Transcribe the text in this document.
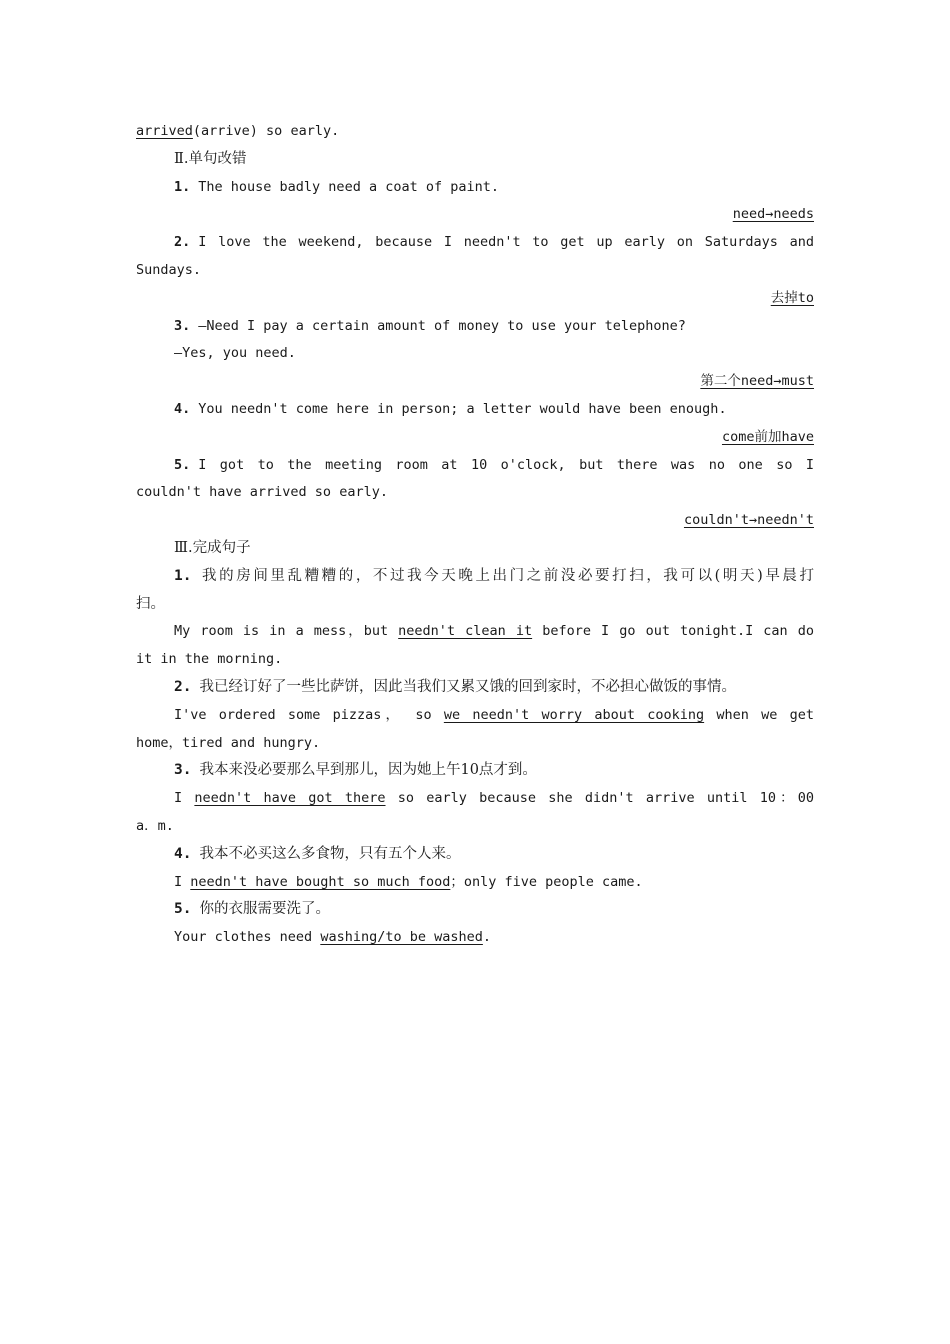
arrived(arrive) so early.
Ⅱ.单句改错
1. The house badly need a coat of paint.
need→needs
2. I love the weekend, because I needn't to get up early on Saturdays and
Sundays.
去掉to
3. —Need I pay a certain amount of money to use your telephone?
—Yes, you need.
第二个need→must
4. You needn't come here in person; a letter would have been enough.
come前加have
5. I got to the meeting room at 10 o'clock, but there was no one so I
couldn't have arrived so early.
couldn't→needn't
Ⅲ.完成句子
1. 我的房间里乱糟糟的，不过我今天晚上出门之前没必要打扫，我可以(明天)早晨打
扫。
My room is in a mess，but needn't clean it before I go out tonight.I can do
it in the morning.
2. 我已经订好了一些比萨饼，因此当我们又累又饿的回到家时，不必担心做饭的事情。
I've ordered some pizzas， so we needn't worry about cooking when we get
home，tired and hungry.
3. 我本来没必要那么早到那儿，因为她上午10点才到。
I needn't have got there so early because she didn't arrive until 10：00
a．m.
4. 我本不必买这么多食物，只有五个人来。
I needn't have bought so much food；only five people came.
5. 你的衣服需要洗了。
Your clothes need washing/to be washed.
